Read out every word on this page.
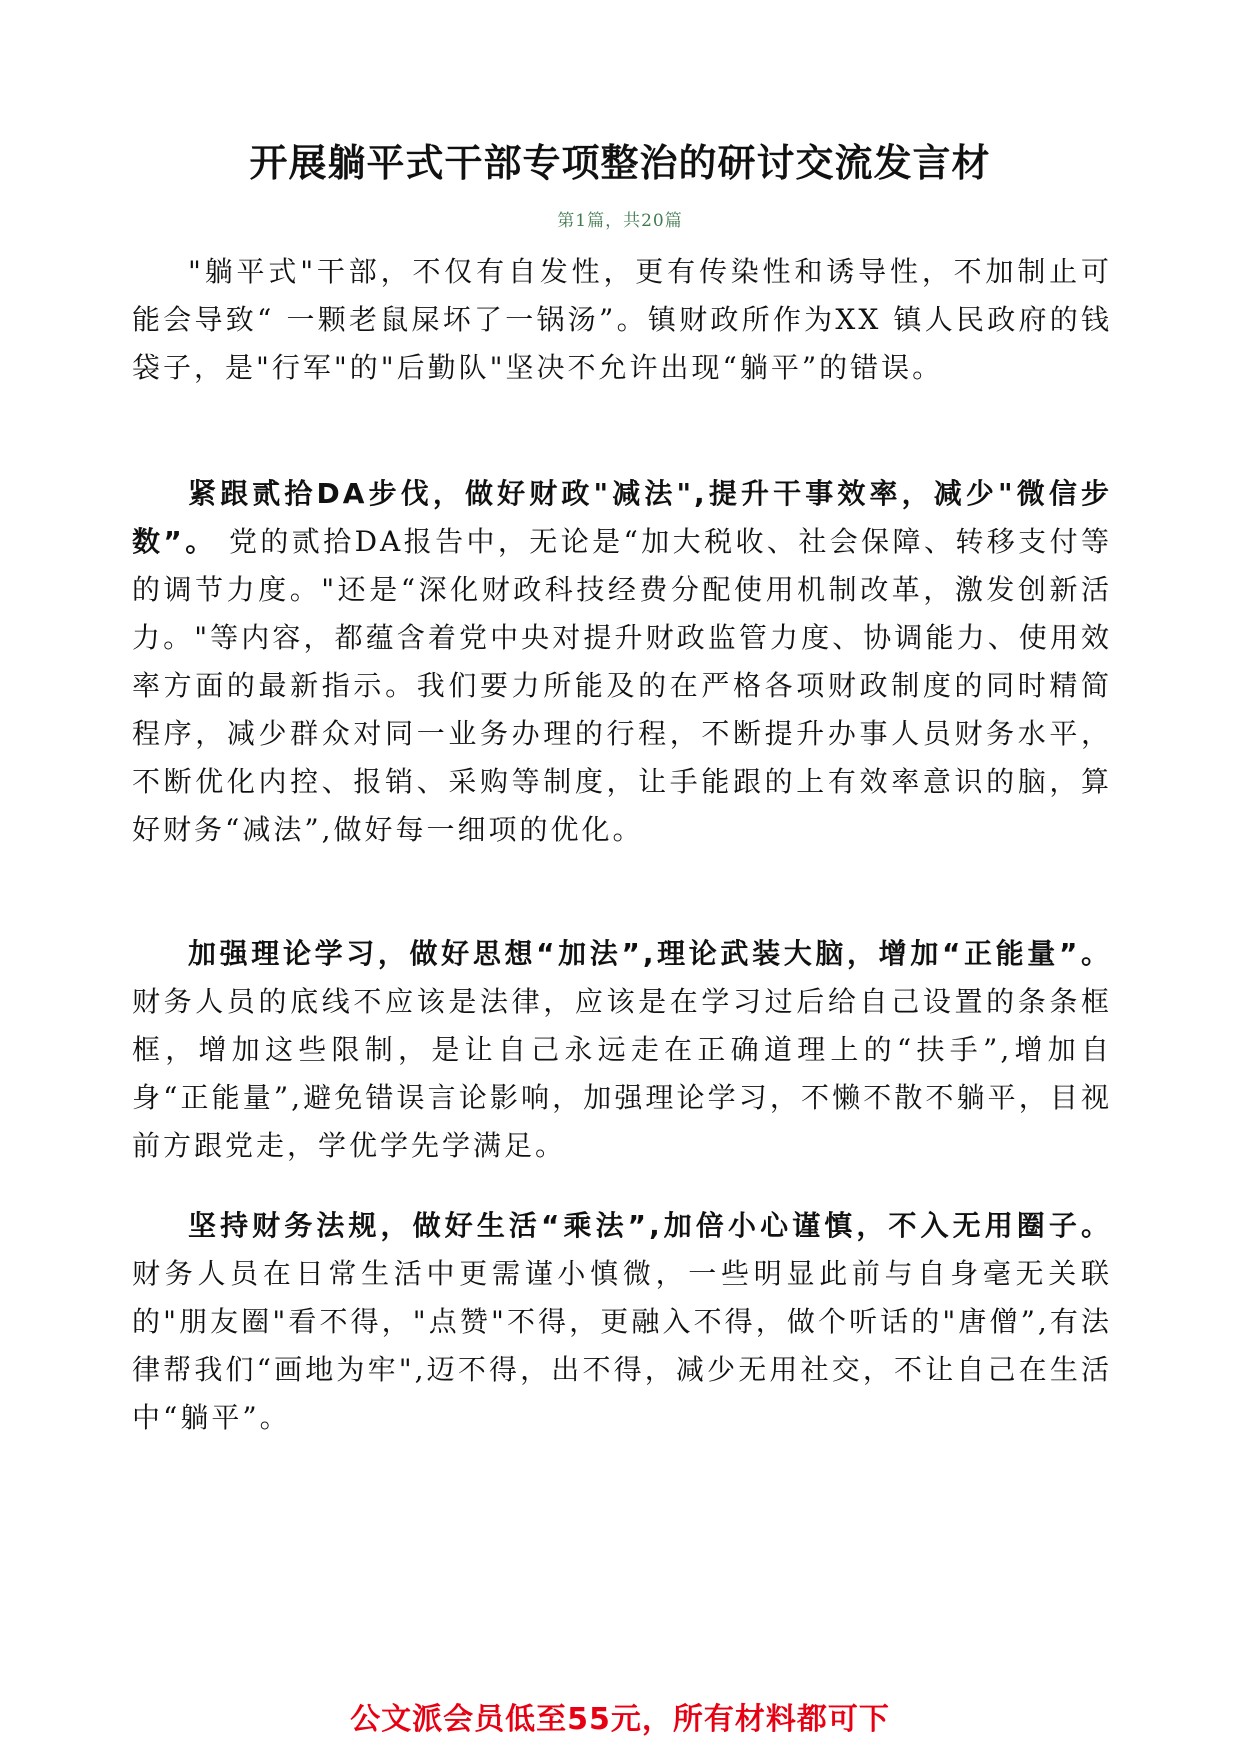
开展躺平式干部专项整治的研讨交流发言材
第1篇，共20篇

"躺平式"干部，不仅有自发性，更有传染性和诱导性，不加制止可能会导致“ 一颗老鼠屎坏了一锅汤”。镇财政所作为XX 镇人民政府的钱袋子，是"行军"的"后勤队"坚决不允许出现“躺平”的错误。

紧跟贰拾DA步伐，做好财政"减法",提升干事效率，减少"微信步数”。 党的贰拾DA报告中，无论是“加大税收、社会保障、转移支付等的调节力度。"还是“深化财政科技经费分配使用机制改革，激发创新活力。"等内容，都蕴含着党中央对提升财政监管力度、协调能力、使用效率方面的最新指示。我们要力所能及的在严格各项财政制度的同时精简程序，减少群众对同一业务办理的行程，不断提升办事人员财务水平，不断优化内控、报销、采购等制度，让手能跟的上有效率意识的脑，算好财务“减法”,做好每一细项的优化。

加强理论学习，做好思想“加法”,理论武装大脑，增加“正能量”。 财务人员的底线不应该是法律，应该是在学习过后给自己设置的条条框框，增加这些限制，是让自己永远走在正确道理上的“扶手”,增加自身“正能量”,避免错误言论影响，加强理论学习，不懒不散不躺平，目视前方跟党走，学优学先学满足。

坚持财务法规，做好生活“乘法”,加倍小心谨慎，不入无用圈子。 财务人员在日常生活中更需谨小慎微，一些明显此前与自身毫无关联的"朋友圈"看不得，"点赞"不得，更融入不得，做个听话的"唐僧”,有法律帮我们“画地为牢",迈不得，出不得，减少无用社交，不让自己在生活中“躺平”。

公文派会员低至55元，所有材料都可下
